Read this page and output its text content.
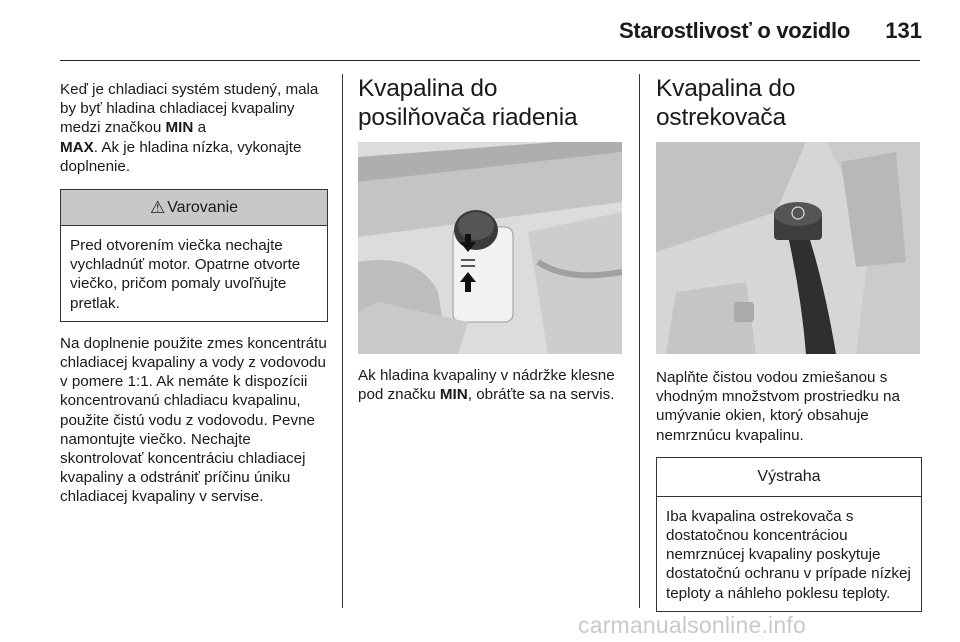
Starostlivosť o vozidlo	131

Keď je chladiaci systém studený, mala by byť hladina chladiacej kvapaliny medzi značkou MIN a
MAX. Ak je hladina nízka, vykonajte doplnenie.

⚠ Varovanie
Pred otvorením viečka nechajte vychladnúť motor. Opatrne otvorte viečko, pričom pomaly uvoľňujte pretlak.

Na doplnenie použite zmes koncentrátu chladiacej kvapaliny a vody z vodovodu v pomere 1:1. Ak nemáte k dispozícii koncentrovanú chladiacu kvapalinu, použite čistú vodu z vodovodu. Pevne namontujte viečko. Nechajte skontrolovať koncentráciu chladiacej kvapaliny a odstrániť príčinu úniku chladiacej kvapaliny v servise.

Kvapalina do posilňovača riadenia

Ak hladina kvapaliny v nádržke klesne pod značku MIN, obráťte sa na servis.

Kvapalina do ostrekovača

Naplňte čistou vodou zmiešanou s vhodným množstvom prostriedku na umývanie okien, ktorý obsahuje nemrznúcu kvapalinu.

Výstraha
Iba kvapalina ostrekovača s dostatočnou koncentráciou nemrznúcej kvapaliny poskytuje dostatočnú ochranu v prípade nízkej teploty a náhleho poklesu teploty.
carmanualsonline.info
